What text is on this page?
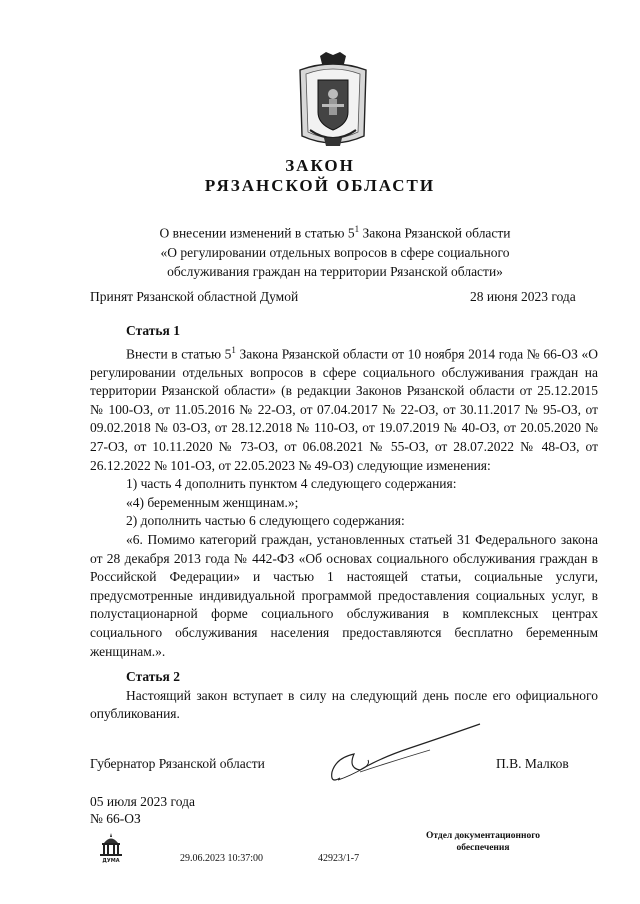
ЗАКОН
РЯЗАНСКОЙ ОБЛАСТИ
О внесении изменений в статью $5^1$ Закона Рязанской области
«О регулировании отдельных вопросов в сфере социального
обслуживания граждан на территории Рязанской области»
Принят Рязанской областной Думой	28 июня 2023 года

Статья 1

Внести в статью $5^1$ Закона Рязанской области от 10 ноября 2014 года № 66-ОЗ «О регулировании отдельных вопросов в сфере социального обслуживания граждан на территории Рязанской области» (в редакции Законов Рязанской области от 25.12.2015 № 100-ОЗ, от 11.05.2016 № 22-ОЗ, от 07.04.2017 № 22-ОЗ, от 30.11.2017 № 95-ОЗ, от 09.02.2018 № 03-ОЗ, от 28.12.2018 № 110-ОЗ, от 19.07.2019 № 40-ОЗ, от 20.05.2020 № 27-ОЗ, от 10.11.2020 № 73-ОЗ, от 06.08.2021 № 55-ОЗ, от 28.07.2022 № 48-ОЗ, от 26.12.2022 № 101-ОЗ, от 22.05.2023 № 49-ОЗ) следующие изменения:

1) часть 4 дополнить пунктом 4 следующего содержания:
«4) беременным женщинам.»;
2) дополнить частью 6 следующего содержания:

«6. Помимо категорий граждан, установленных статьей 31 Федерального закона от 28 декабря 2013 года № 442-ФЗ «Об основах социального обслуживания граждан в Российской Федерации» и частью 1 настоящей статьи, социальные услуги, предусмотренные индивидуальной программой предоставления социальных услуг, в полустационарной форме социального обслуживания в комплексных центрах социального обслуживания населения предоставляются бесплатно беременным женщинам.».

Статья 2

Настоящий закон вступает в силу на следующий день после его официального опубликования.

Губернатор Рязанской области	П.В. Малков
05 июля 2023 года
№ 66-ОЗ
ДУМА
Отдел документационного
обеспечения
29.06.2023 10:37:00	42923/1-7
